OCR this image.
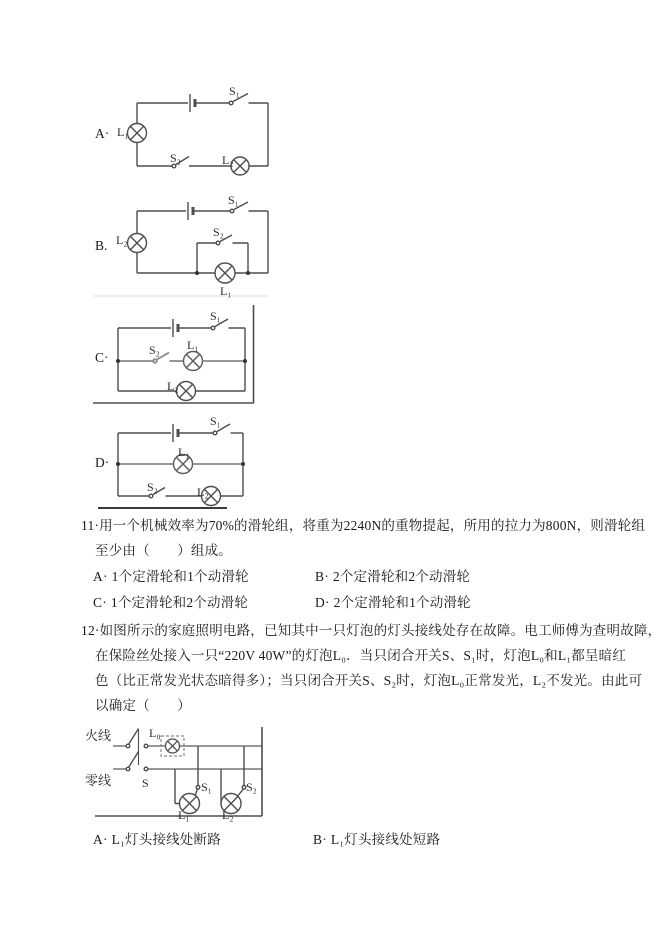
A· L₁
S₁
S₂	L₂
B. L₂
S₁
S₂
L₁
C·
S₁
S₂ L₁
L₂
D·
S₁
L₁
S₂	L₂
11·用一个机械效率为70%的滑轮组，将重为2240N的重物提起，所用的拉力为800N，则滑轮组
至少由（　　）组成。
A· 1个定滑轮和1个动滑轮	B· 2个定滑轮和2个动滑轮
C· 1个定滑轮和2个动滑轮	D· 2个定滑轮和1个动滑轮
12·如图所示的家庭照明电路，已知其中一只灯泡的灯头接线处存在故障。电工师傅为查明故障，
在保险丝处接入一只“220V 40W”的灯泡L₀．当只闭合开关S、S₁时，灯泡L₀和L₁都呈暗红
色（比正常发光状态暗得多）；当只闭合开关S、S₂时，灯泡L₀正常发光，L₂不发光。由此可
以确定（　　）
火线
零线	S
L₀
S₁	S₂
L₁	L₂
A· L₁灯头接线处断路	B· L₁灯头接线处短路
